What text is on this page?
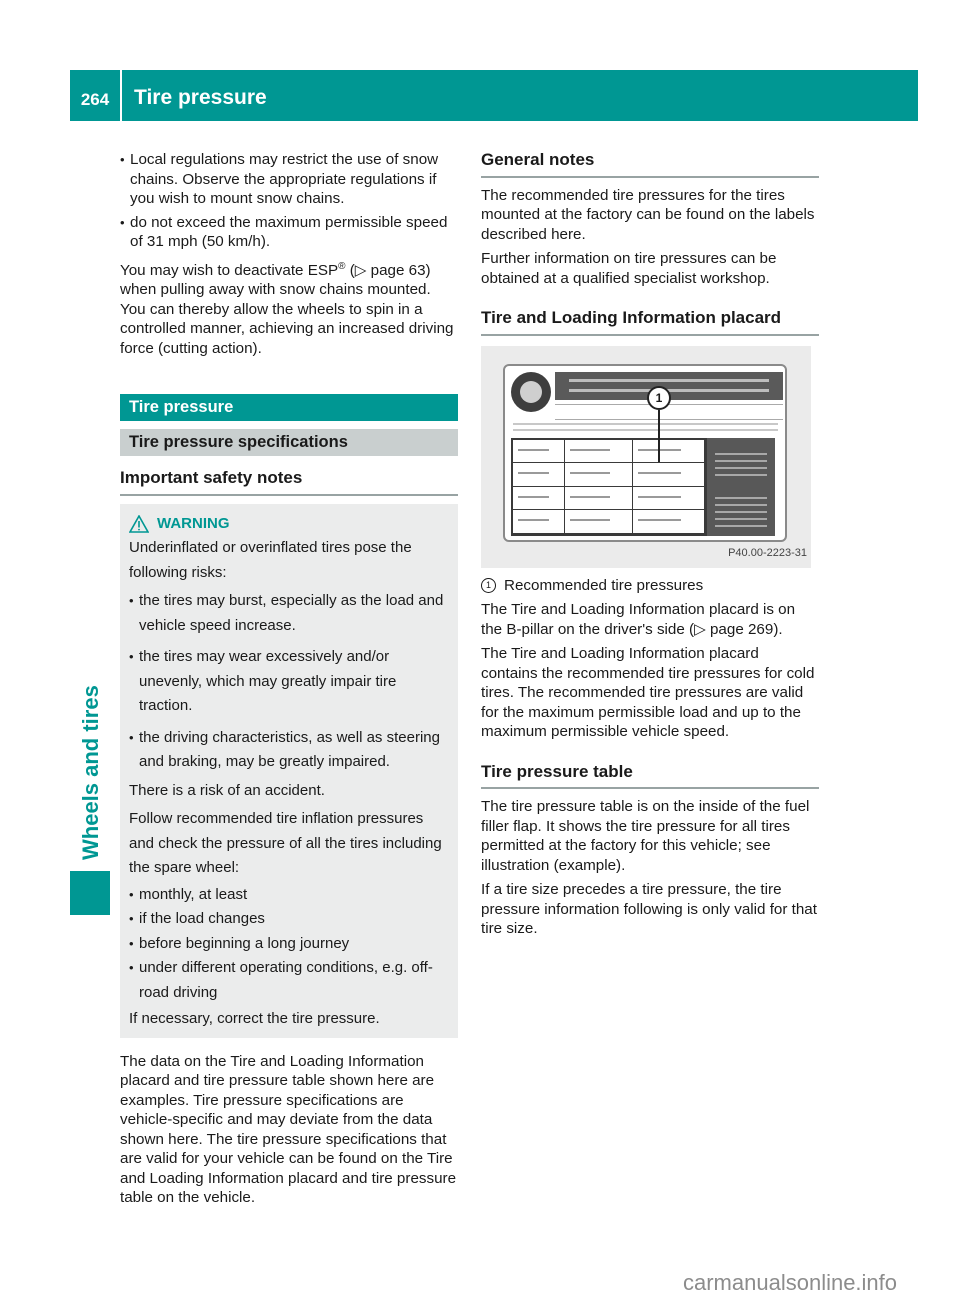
264	Tire pressure
Wheels and tires
• Local regulations may restrict the use of snow chains. Observe the appropriate regulations if you wish to mount snow chains.
• do not exceed the maximum permissible speed of 31 mph (50 km/h).

You may wish to deactivate ESP® (▷ page 63) when pulling away with snow chains mounted. You can thereby allow the wheels to spin in a controlled manner, achieving an increased driving force (cutting action).

Tire pressure
Tire pressure specifications
Important safety notes
WARNING

Underinflated or overinflated tires pose the following risks:

• the tires may burst, especially as the load and vehicle speed increase.
• the tires may wear excessively and/or unevenly, which may greatly impair tire traction.
• the driving characteristics, as well as steering and braking, may be greatly impaired.

There is a risk of an accident.

Follow recommended tire inflation pressures and check the pressure of all the tires including the spare wheel:

• monthly, at least
• if the load changes
• before beginning a long journey
• under different operating conditions, e.g. off-road driving

If necessary, correct the tire pressure.

The data on the Tire and Loading Information placard and tire pressure table shown here are examples. Tire pressure specifications are vehicle-specific and may deviate from the data shown here. The tire pressure specifications that are valid for your vehicle can be found on the Tire and Loading Information placard and tire pressure table on the vehicle.

General notes

The recommended tire pressures for the tires mounted at the factory can be found on the labels described here.

Further information on tire pressures can be obtained at a qualified specialist workshop.

Tire and Loading Information placard
1
P40.00-2223-31
1 Recommended tire pressures

The Tire and Loading Information placard is on the B-pillar on the driver's side (▷ page 269).

The Tire and Loading Information placard contains the recommended tire pressures for cold tires. The recommended tire pressures are valid for the maximum permissible load and up to the maximum permissible vehicle speed.

Tire pressure table

The tire pressure table is on the inside of the fuel filler flap. It shows the tire pressure for all tires permitted at the factory for this vehicle; see illustration (example).

If a tire size precedes a tire pressure, the tire pressure information following is only valid for that tire size.

carmanualsonline.info
